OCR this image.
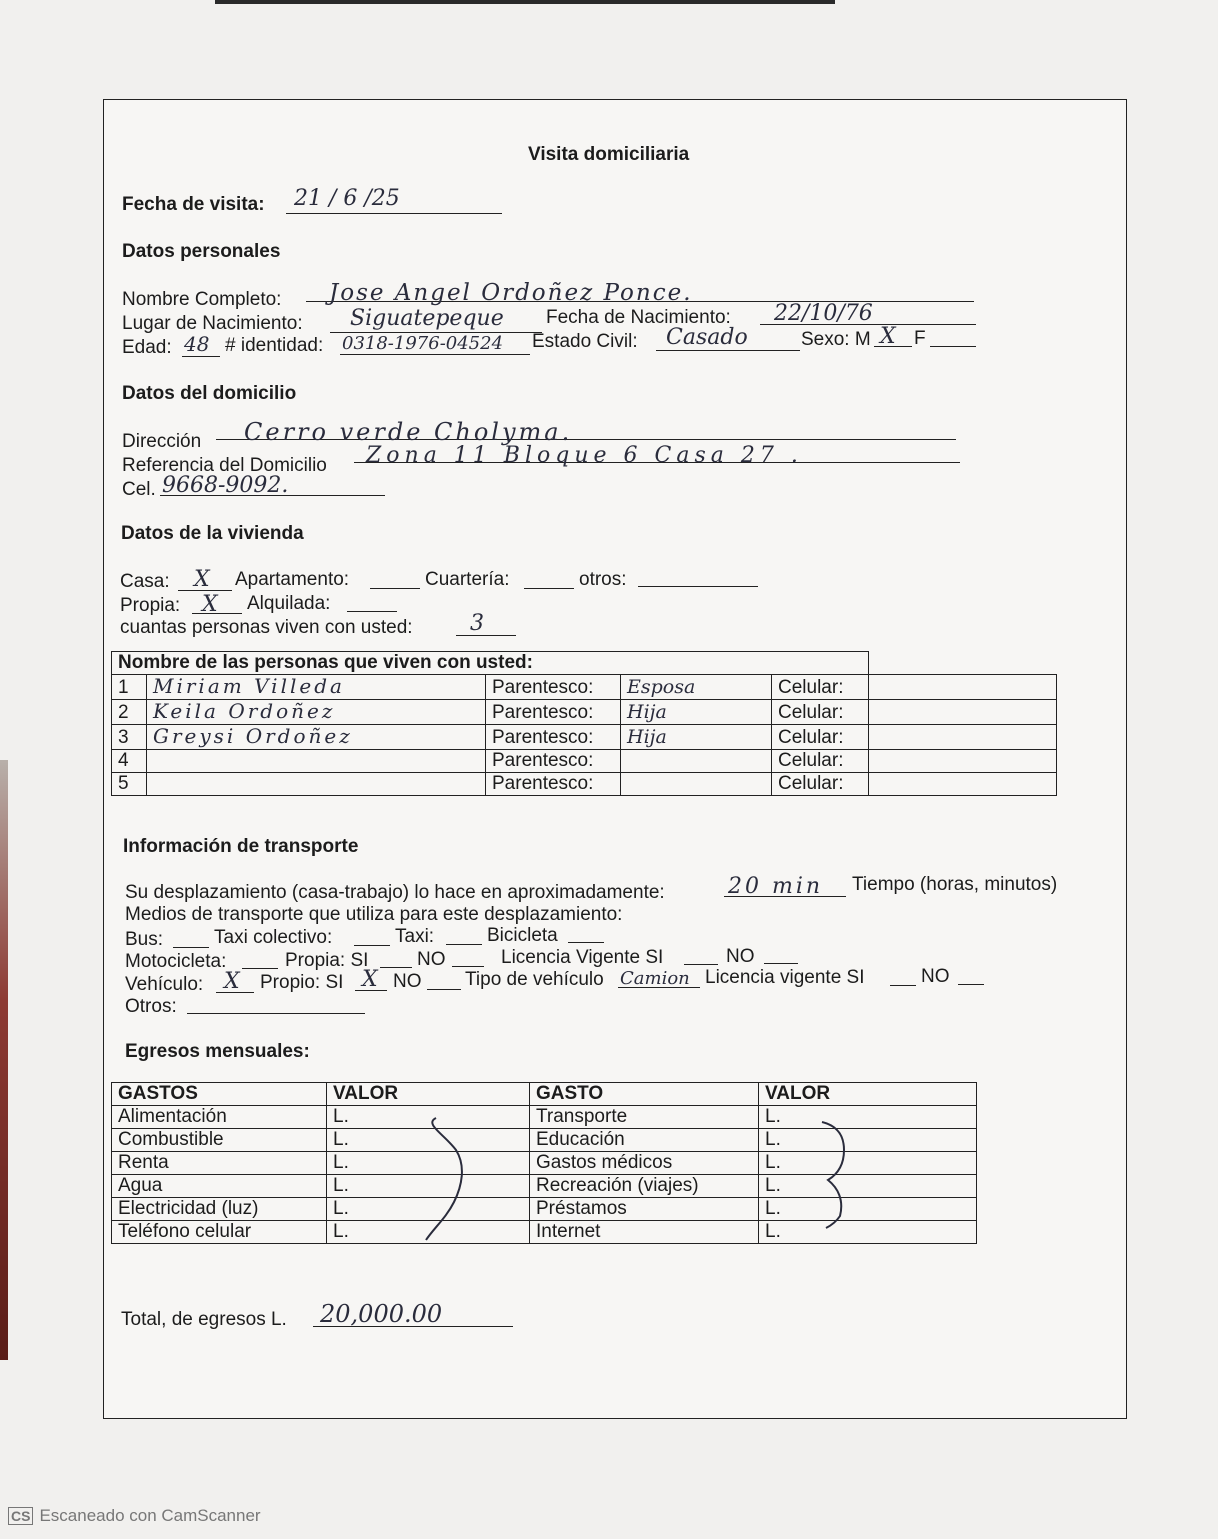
Visita domiciliaria
Fecha de visita: 21 / 6 /25
Datos personales
Nombre Completo: Jose Angel Ordoñez Ponce.
Lugar de Nacimiento: Siguatepeque Fecha de Nacimiento: 22/10/76
Edad: 48 # identidad: 0318-1976-04524 Estado Civil: Casado	Sexo: M X F
Datos del domicilio
Dirección Cerro verde Cholyma.
Referencia del Domicilio Zona 11 Bloque 6 Casa 27 .
Cel. 9668-9092.
Datos de la vivienda
Casa: X Apartamento:	Cuartería:	otros:
Propia: X Alquilada:
cuantas personas viven con usted:	3
Nombre de las personas que viven con usted:					
1	Miriam Villeda	Parentesco:	Esposa	Celular:	
2	Keila Ordoñez	Parentesco:	Hija	Celular:	
3	Greysi Ordoñez	Parentesco:	Hija	Celular:	
4		Parentesco:		Celular:	
5		Parentesco:		Celular:	
Información de transporte
Su desplazamiento (casa-trabajo) lo hace en aproximadamente:	20 min Tiempo (horas, minutos)
Medios de transporte que utiliza para este desplazamiento:
Bus:	Taxi colectivo:	Taxi:	Bicicleta
Motocicleta:	Propia: SI	NO	Licencia Vigente SI	NO
Vehículo: X Propio: SI X NO Tipo de vehículo Camion Licencia vigente SI	NO
Otros:
Egresos mensuales:
GASTOS	VALOR	GASTO	VALOR
Alimentación	L.	Transporte	L.
Combustible	L.	Educación	L.
Renta	L.	Gastos médicos	L.
Agua	L.	Recreación (viajes)	L.
Electricidad (luz)	L.	Préstamos	L.
Teléfono celular	L.	Internet	L.
Total, de egresos L. 20,000.00
CS Escaneado con CamScanner
